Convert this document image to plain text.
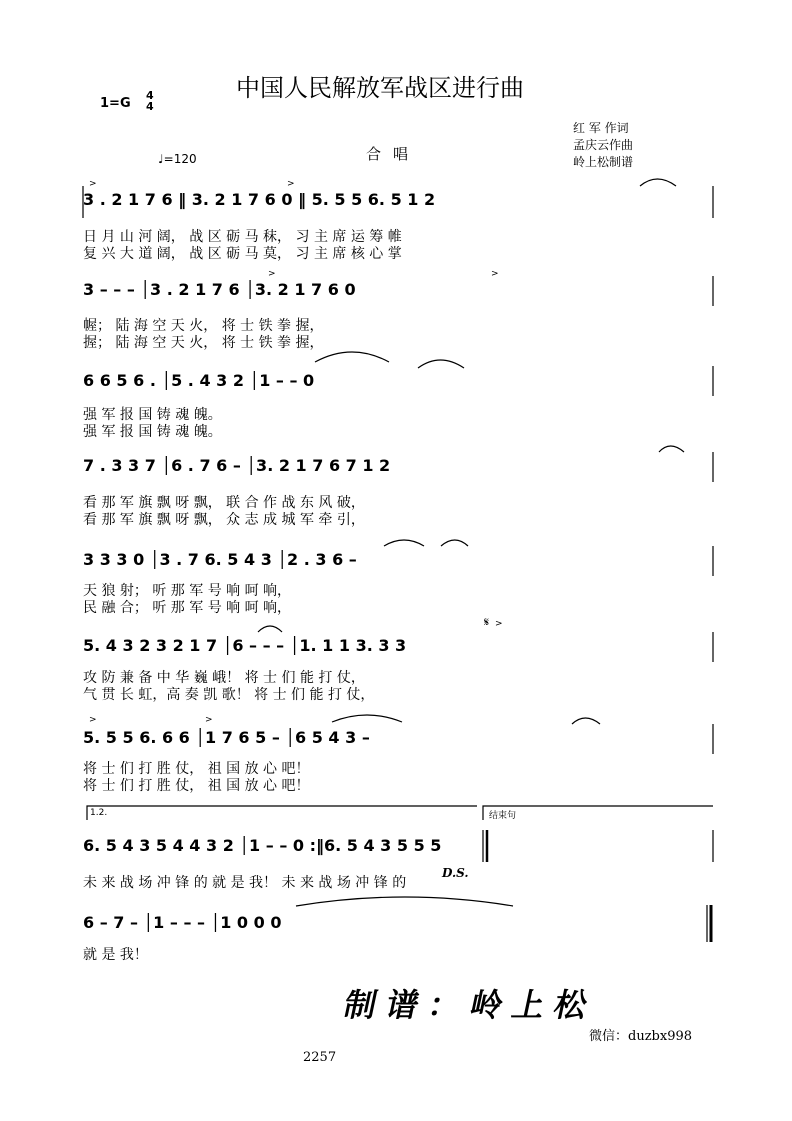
中国人民解放军战区进行曲
1=G
4
4
♩=120	合唱
红 军 作词
孟庆云作曲
岭上松制谱
3 . 2 1 7 6 ‖ 3. 2 1 7 6 0 ‖ 5. 5 5 6. 5 1 2
日 月 山 河 阔， 战 区 砺 马 秣， 习 主 席 运 筹 帷
复 兴 大 道 阔， 战 区 砺 马 莫， 习 主 席 核 心 掌
3 – – – │3 . 2 1 7 6 │3. 2 1 7 6 0
幄； 陆 海 空 天 火， 将 士 铁 拳 握，
握； 陆 海 空 天 火， 将 士 铁 拳 握，
6 6 5 6 . │5 . 4 3 2 │1 – – 0
强 军 报 国 铸 魂 魄。
强 军 报 国 铸 魂 魄。
7 . 3 3 7 │6 . 7 6 – │3. 2 1 7 6 7 1 2
看 那 军 旗 飘 呀 飘， 联 合 作 战 东 风 破，
看 那 军 旗 飘 呀 飘， 众 志 成 城 军 牵 引，
3 3 3 0 │3 . 7 6. 5 4 3 │2 . 3 6 –
天 狼 射； 听 那 军 号 响 呵 响，
民 融 合； 听 那 军 号 响 呵 响，
5. 4 3 2 3 2 1 7 │6 – – – │1. 1 1 3. 3 3
攻 防 兼 备 中 华 巍 峨！ 将 士 们 能 打 仗，
气 贯 长 虹，高 奏 凯 歌！ 将 士 们 能 打 仗，
5. 5 5 6. 6 6 │1 7 6 5 – │6 5 4 3 –
将 士 们 打 胜 仗， 祖 国 放 心 吧！
将 士 们 打 胜 仗， 祖 国 放 心 吧！
1.2.	结束句
6. 5 4 3 5 4 4 3 2 │1 – – 0 :‖6. 5 4 3 5 5 5
未 来 战 场 冲 锋 的 就 是 我！ 未 来 战 场 冲 锋 的
D.S.
6 – 7 – │1 – – – │1 0 0 0
就 是 我！
>	>
>	>
>	>
>
𝄋
制谱：岭上松
微信：duzbx998
2257
